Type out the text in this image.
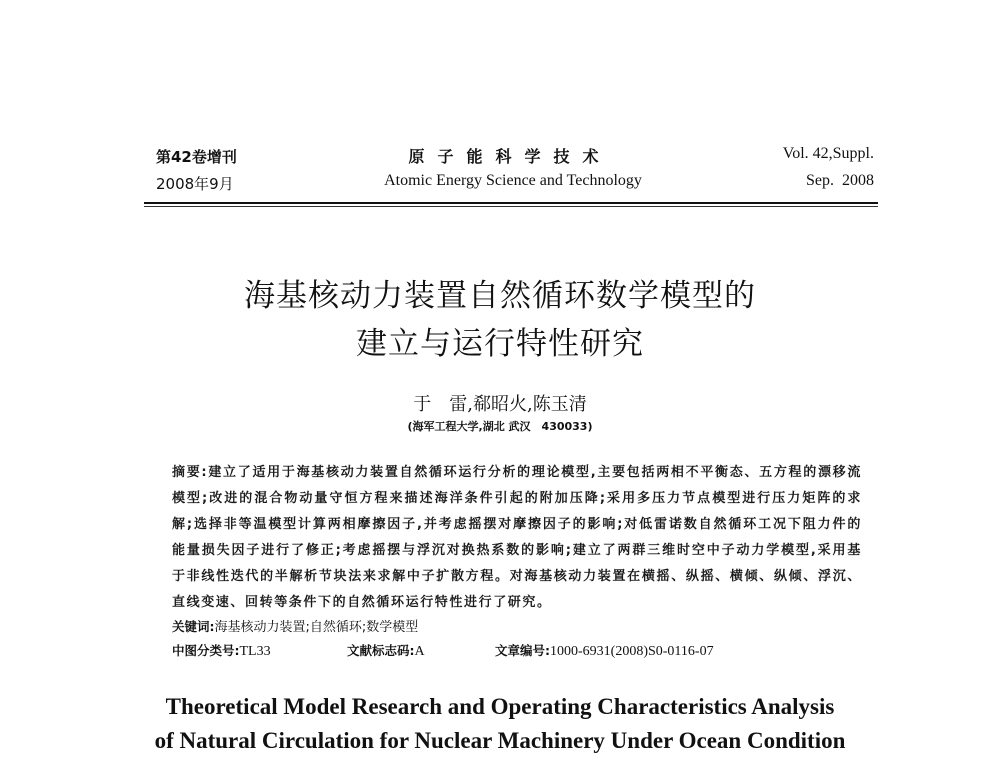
第42卷增刊
2008年9月
原子能科学技术
Atomic Energy Science and Technology
Vol. 42,Suppl.
Sep.  2008
海基核动力装置自然循环数学模型的
建立与运行特性研究
于　雷,郗昭火,陈玉清
(海军工程大学,湖北 武汉　430033)
摘要:建立了适用于海基核动力装置自然循环运行分析的理论模型,主要包括两相不平衡态、五方程的漂移流模型;改进的混合物动量守恒方程来描述海洋条件引起的附加压降;采用多压力节点模型进行压力矩阵的求解;选择非等温模型计算两相摩擦因子,并考虑摇摆对摩擦因子的影响;对低雷诺数自然循环工况下阻力件的能量损失因子进行了修正;考虑摇摆与浮沉对换热系数的影响;建立了两群三维时空中子动力学模型,采用基于非线性迭代的半解析节块法来求解中子扩散方程。对海基核动力装置在横摇、纵摇、横倾、纵倾、浮沉、直线变速、回转等条件下的自然循环运行特性进行了研究。
关键词:海基核动力装置;自然循环;数学模型
中图分类号:TL33	文献标志码:A	文章编号:1000-6931(2008)S0-0116-07
Theoretical Model Research and Operating Characteristics Analysis
of Natural Circulation for Nuclear Machinery Under Ocean Condition
